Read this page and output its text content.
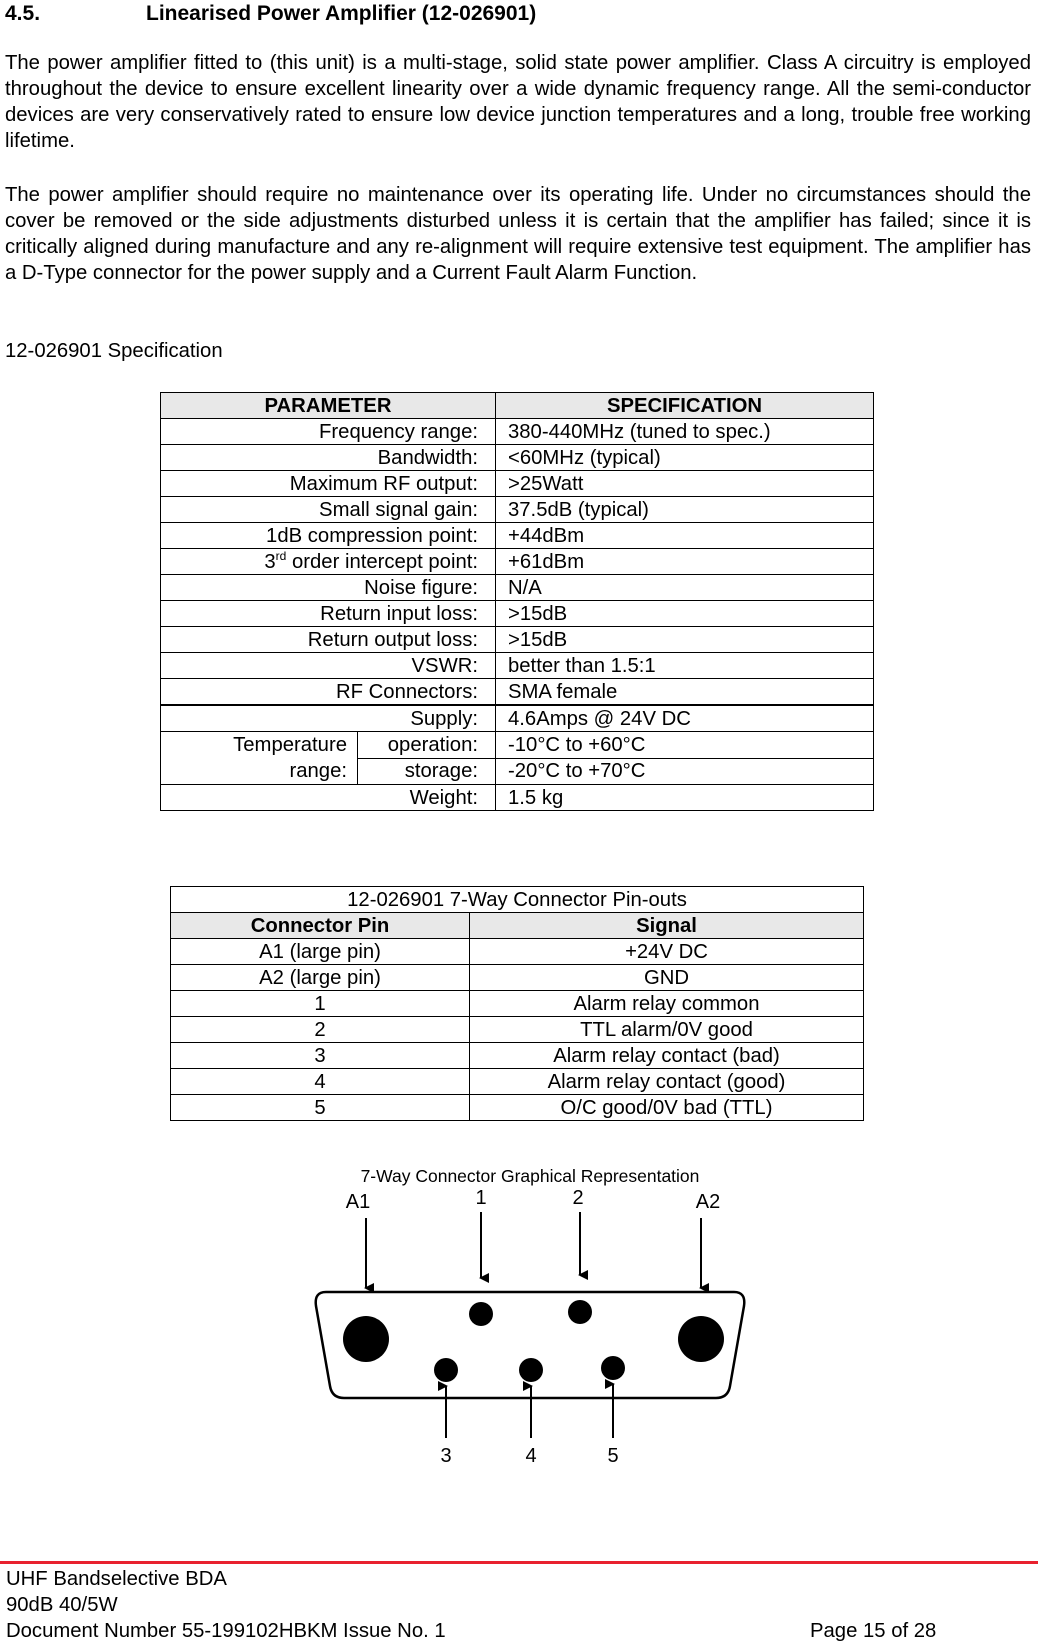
4.5.	Linearised Power Amplifier (12-026901)

The power amplifier fitted to (this unit) is a multi-stage, solid state power amplifier. Class A circuitry is employed throughout the device to ensure excellent linearity over a wide dynamic frequency range. All the semi-conductor devices are very conservatively rated to ensure low device junction temperatures and a long, trouble free working lifetime.

The power amplifier should require no maintenance over its operating life. Under no circumstances should the cover be removed or the side adjustments disturbed unless it is certain that the amplifier has failed; since it is critically aligned during manufacture and any re-alignment will require extensive test equipment. The amplifier has a D-Type connector for the power supply and a Current Fault Alarm Function.

12-026901 Specification
PARAMETER		SPECIFICATION
Frequency range:		380-440MHz (tuned to spec.)
Bandwidth:		<60MHz (typical)
Maximum RF output:		>25Watt
Small signal gain:		37.5dB (typical)
1dB compression point:		+44dBm
3rd order intercept point:		+61dBm
Noise figure:		N/A
Return input loss:		>15dB
Return output loss:		>15dB
VSWR:		better than 1.5:1
RF Connectors:		SMA female
Supply:		4.6Amps @ 24V DC

Temperature
range:	operation:	-10°C to +60°C
	storage:	-20°C to +70°C
Weight:		1.5 kg
12-026901 7-Way Connector Pin-outs	
Connector Pin	Signal
A1 (large pin)	+24V DC
A2 (large pin)	GND
1	Alarm relay common
2	TTL alarm/0V good
3	Alarm relay contact (bad)
4	Alarm relay contact (good)
5	O/C good/0V bad (TTL)
7-Way Connector Graphical Representation
A1	1	2	A2
3	4	5
UHF Bandselective BDA
90dB 40/5W
Document Number 55-199102HBKM Issue No. 1	Page 15 of 28
